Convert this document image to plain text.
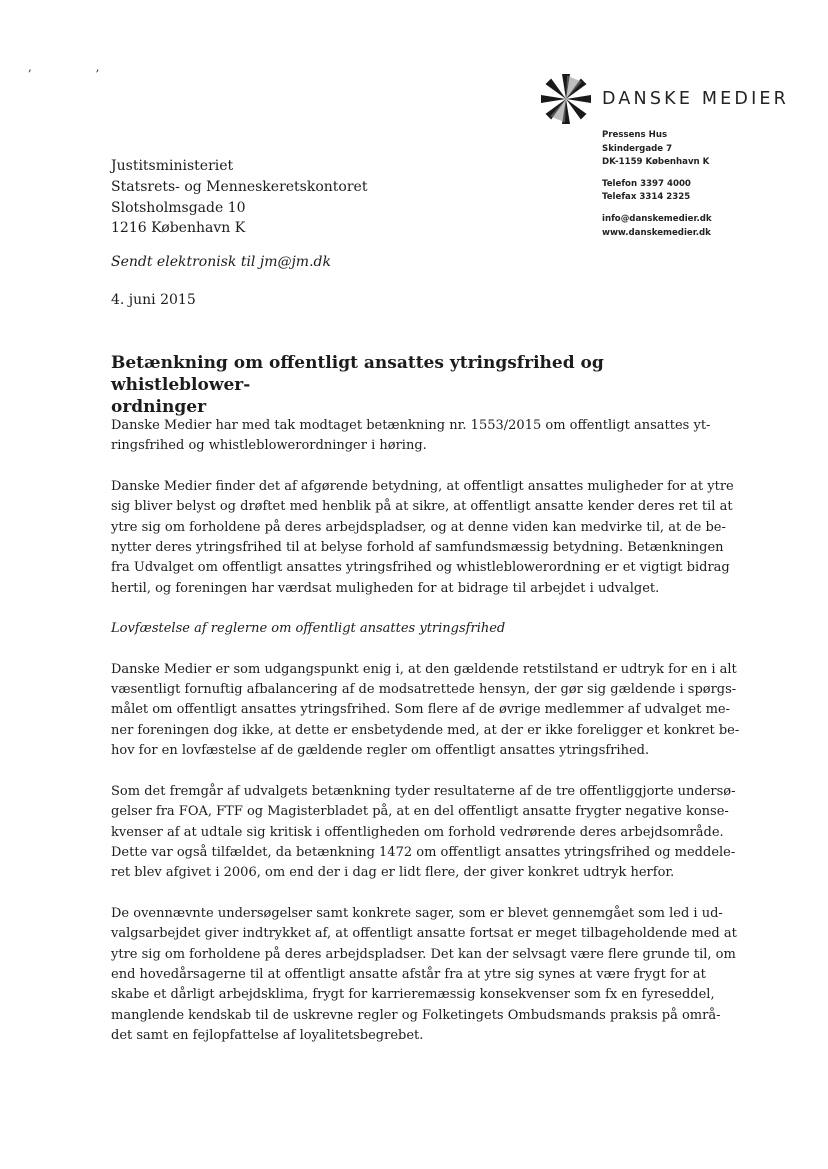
, ,
DANSKE MEDIER
Pressens Hus
Skindergade 7
DK-1159 København K
Telefon 3397 4000
Telefax 3314 2325
info@danskemedier.dk
www.danskemedier.dk
Justitsministeriet
Statsrets- og Menneskeretskontoret
Slotsholmsgade 10
1216 København K
Sendt elektronisk til jm@jm.dk
4. juni 2015
Betænkning om offentligt ansattes ytringsfrihed og whistleblower-
ordninger

Danske Medier har med tak modtaget betænkning nr. 1553/2015 om offentligt ansattes yt-
ringsfrihed og whistleblowerordninger i høring.

Danske Medier finder det af afgørende betydning, at offentligt ansattes muligheder for at ytre
sig bliver belyst og drøftet med henblik på at sikre, at offentligt ansatte kender deres ret til at
ytre sig om forholdene på deres arbejdspladser, og at denne viden kan medvirke til, at de be-
nytter deres ytringsfrihed til at belyse forhold af samfundsmæssig betydning. Betænkningen
fra Udvalget om offentligt ansattes ytringsfrihed og whistleblowerordning er et vigtigt bidrag
hertil, og foreningen har værdsat muligheden for at bidrage til arbejdet i udvalget.

Lovfæstelse af reglerne om offentligt ansattes ytringsfrihed

Danske Medier er som udgangspunkt enig i, at den gældende retstilstand er udtryk for en i alt
væsentligt fornuftig afbalancering af de modsatrettede hensyn, der gør sig gældende i spørgs-
målet om offentligt ansattes ytringsfrihed. Som flere af de øvrige medlemmer af udvalget me-
ner foreningen dog ikke, at dette er ensbetydende med, at der er ikke foreligger et konkret be-
hov for en lovfæstelse af de gældende regler om offentligt ansattes ytringsfrihed.

Som det fremgår af udvalgets betænkning tyder resultaterne af de tre offentliggjorte undersø-
gelser fra FOA, FTF og Magisterbladet på, at en del offentligt ansatte frygter negative konse-
kvenser af at udtale sig kritisk i offentligheden om forhold vedrørende deres arbejdsområde.
Dette var også tilfældet, da betænkning 1472 om offentligt ansattes ytringsfrihed og meddele-
ret blev afgivet i 2006, om end der i dag er lidt flere, der giver konkret udtryk herfor.

De ovennævnte undersøgelser samt konkrete sager, som er blevet gennemgået som led i ud-
valgsarbejdet giver indtrykket af, at offentligt ansatte fortsat er meget tilbageholdende med at
ytre sig om forholdene på deres arbejdspladser. Det kan der selvsagt være flere grunde til, om
end hovedårsagerne til at offentligt ansatte afstår fra at ytre sig synes at være frygt for at
skabe et dårligt arbejdsklima, frygt for karrieremæssig konsekvenser som fx en fyreseddel,
manglende kendskab til de uskrevne regler og Folketingets Ombudsmands praksis på områ-
det samt en fejlopfattelse af loyalitetsbegrebet.
